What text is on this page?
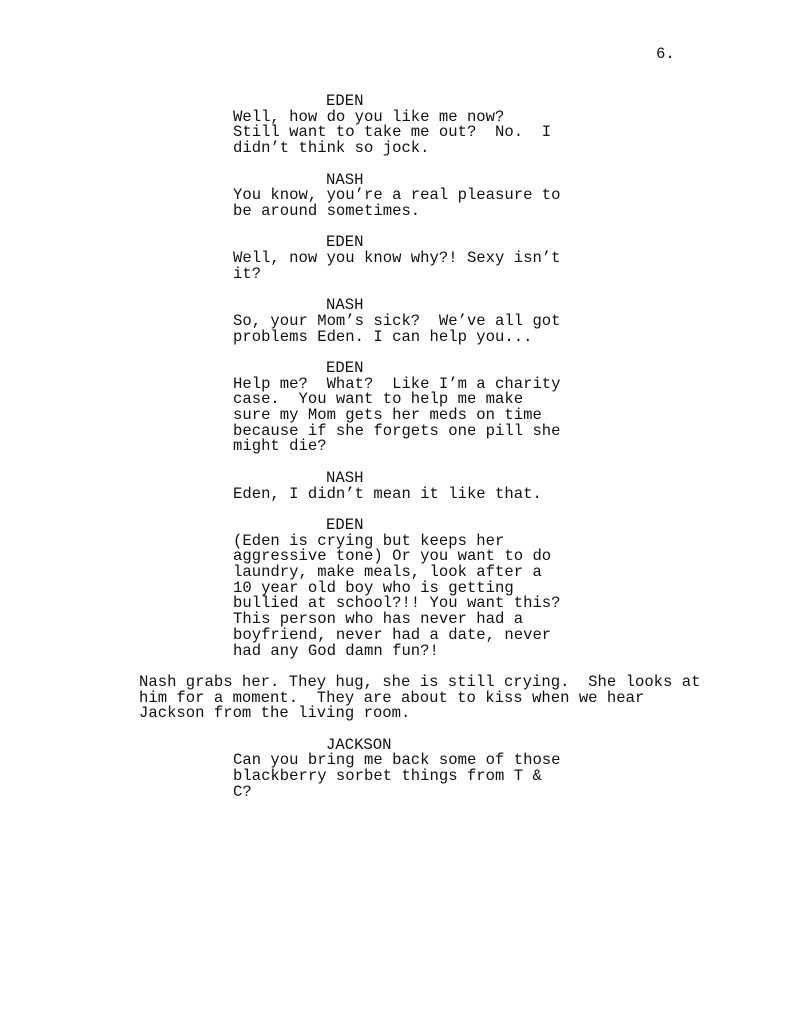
6.
EDEN
Well, how do you like me now?
Still want to take me out?  No.  I
didn’t think so jock.
NASH
You know, you’re a real pleasure to
be around sometimes.
EDEN
Well, now you know why?! Sexy isn’t
it?
NASH
So, your Mom’s sick?  We’ve all got
problems Eden. I can help you...
EDEN
Help me?  What?  Like I’m a charity
case.  You want to help me make
sure my Mom gets her meds on time
because if she forgets one pill she
might die?
NASH
Eden, I didn’t mean it like that.
EDEN
(Eden is crying but keeps her
aggressive tone) Or you want to do
laundry, make meals, look after a
10 year old boy who is getting
bullied at school?!! You want this?
This person who has never had a
boyfriend, never had a date, never
had any God damn fun?!
Nash grabs her. They hug, she is still crying.  She looks at
him for a moment.  They are about to kiss when we hear
Jackson from the living room.
JACKSON
Can you bring me back some of those
blackberry sorbet things from T &
C?
